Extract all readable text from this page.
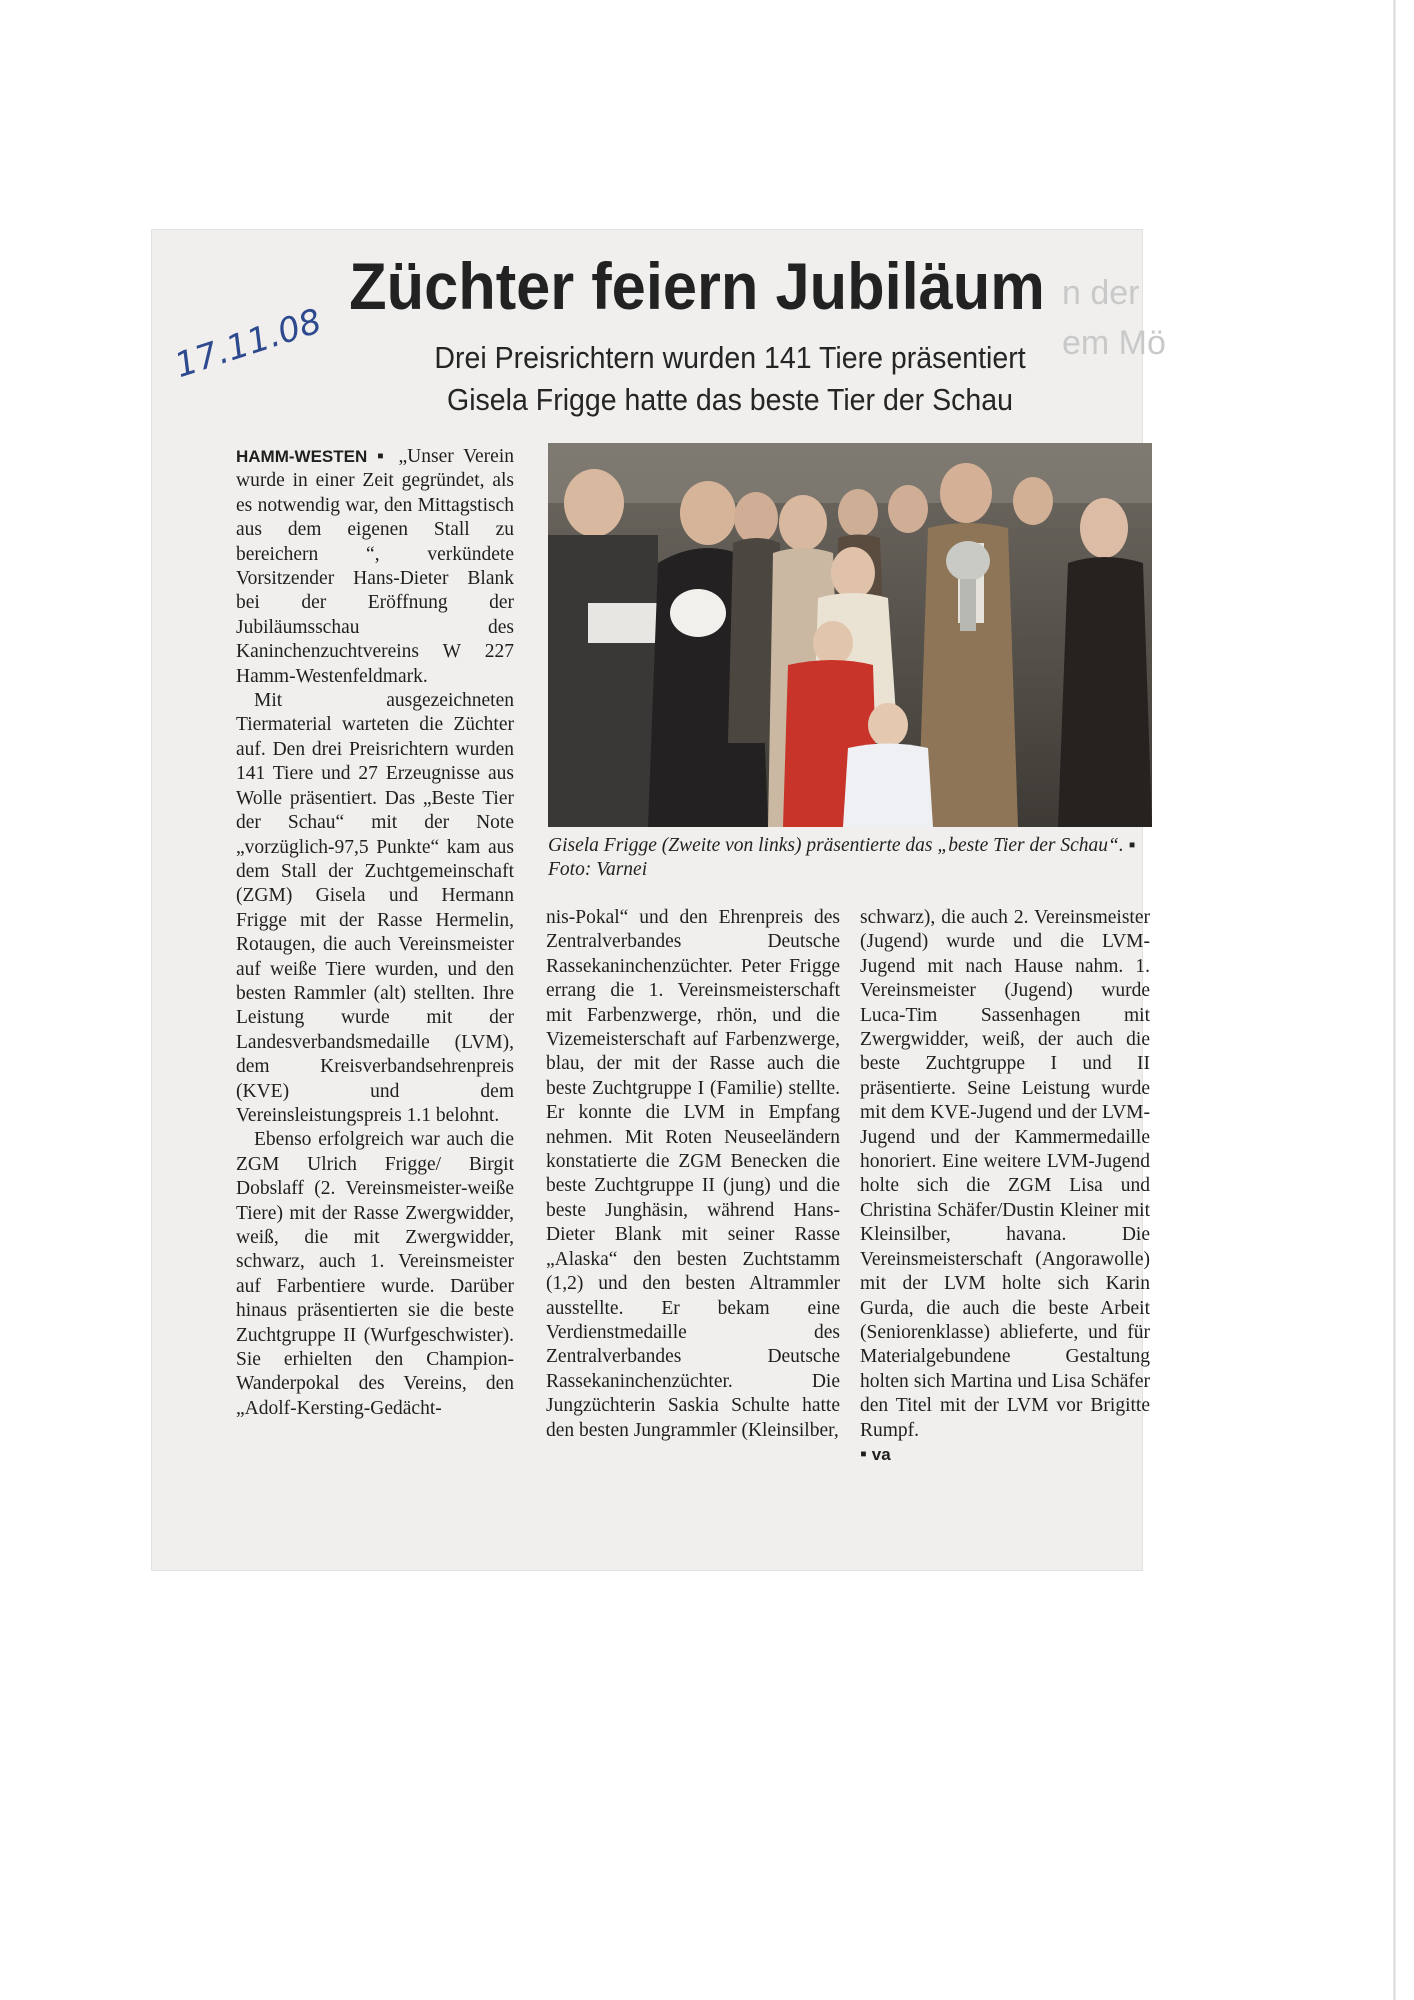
n der
em Mö
Züchter feiern Jubiläum
17.11.08	Drei Preisrichtern wurden 141 Tiere präsentiert
Gisela Frigge hatte das beste Tier der Schau

HAMM-WESTEN ▪ „Unser Verein wurde in einer Zeit gegründet, als es notwendig war, den Mittagstisch aus dem eigenen Stall zu bereichern “, verkündete Vorsitzender Hans-Dieter Blank bei der Eröffnung der Jubiläumsschau des Kaninchenzuchtvereins W 227 Hamm-Westenfeldmark.

Mit ausgezeichneten Tiermaterial warteten die Züchter auf. Den drei Preisrichtern wurden 141 Tiere und 27 Erzeugnisse aus Wolle präsentiert. Das „Beste Tier der Schau“ mit der Note „vorzüglich-97,5 Punkte“ kam aus dem Stall der Zuchtgemeinschaft (ZGM) Gisela und Hermann Frigge mit der Rasse Hermelin, Rotaugen, die auch Vereinsmeister auf weiße Tiere wurden, und den besten Rammler (alt) stellten. Ihre Leistung wurde mit der Landesverbandsmedaille (LVM), dem Kreisverbandsehrenpreis (KVE) und dem Vereinsleistungspreis 1.1 belohnt.

Ebenso erfolgreich war auch die ZGM Ulrich Frigge/ Birgit Dobslaff (2. Vereinsmeister-weiße Tiere) mit der Rasse Zwergwidder, weiß, die mit Zwergwidder, schwarz, auch 1. Vereinsmeister auf Farbentiere wurde. Darüber hinaus präsentierten sie die beste Zuchtgruppe II (Wurfgeschwister). Sie erhielten den Champion-Wanderpokal des Vereins, den „Adolf-Kersting-Gedächt-

Gisela Frigge (Zweite von links) präsentierte das „beste Tier der Schau“. ▪ Foto: Varnei

nis-Pokal“ und den Ehrenpreis des Zentralverbandes Deutsche Rassekaninchenzüchter. Peter Frigge errang die 1. Vereinsmeisterschaft mit Farbenzwerge, rhön, und die Vizemeisterschaft auf Farbenzwerge, blau, der mit der Rasse auch die beste Zuchtgruppe I (Familie) stellte. Er konnte die LVM in Empfang nehmen. Mit Roten Neuseeländern konstatierte die ZGM Benecken die beste Zuchtgruppe II (jung) und die beste Junghäsin, während Hans-Dieter Blank mit seiner Rasse „Alaska“ den besten Zuchtstamm (1,2) und den besten Altrammler ausstellte. Er bekam eine Verdienstmedaille des Zentralverbandes Deutsche Rassekaninchenzüchter. Die Jungzüchterin Saskia Schulte hatte den besten Jungrammler (Kleinsilber,

schwarz), die auch 2. Vereinsmeister (Jugend) wurde und die LVM-Jugend mit nach Hause nahm. 1. Vereinsmeister (Jugend) wurde Luca-Tim Sassenhagen mit Zwergwidder, weiß, der auch die beste Zuchtgruppe I und II präsentierte. Seine Leistung wurde mit dem KVE-Jugend und der LVM-Jugend und der Kammermedaille honoriert. Eine weitere LVM-Jugend holte sich die ZGM Lisa und Christina Schäfer/Dustin Kleiner mit Kleinsilber, havana. Die Vereinsmeisterschaft (Angorawolle) mit der LVM holte sich Karin Gurda, die auch die beste Arbeit (Seniorenklasse) ablieferte, und für Materialgebundene Gestaltung holten sich Martina und Lisa Schäfer den Titel mit der LVM vor Brigitte Rumpf.

▪ va
